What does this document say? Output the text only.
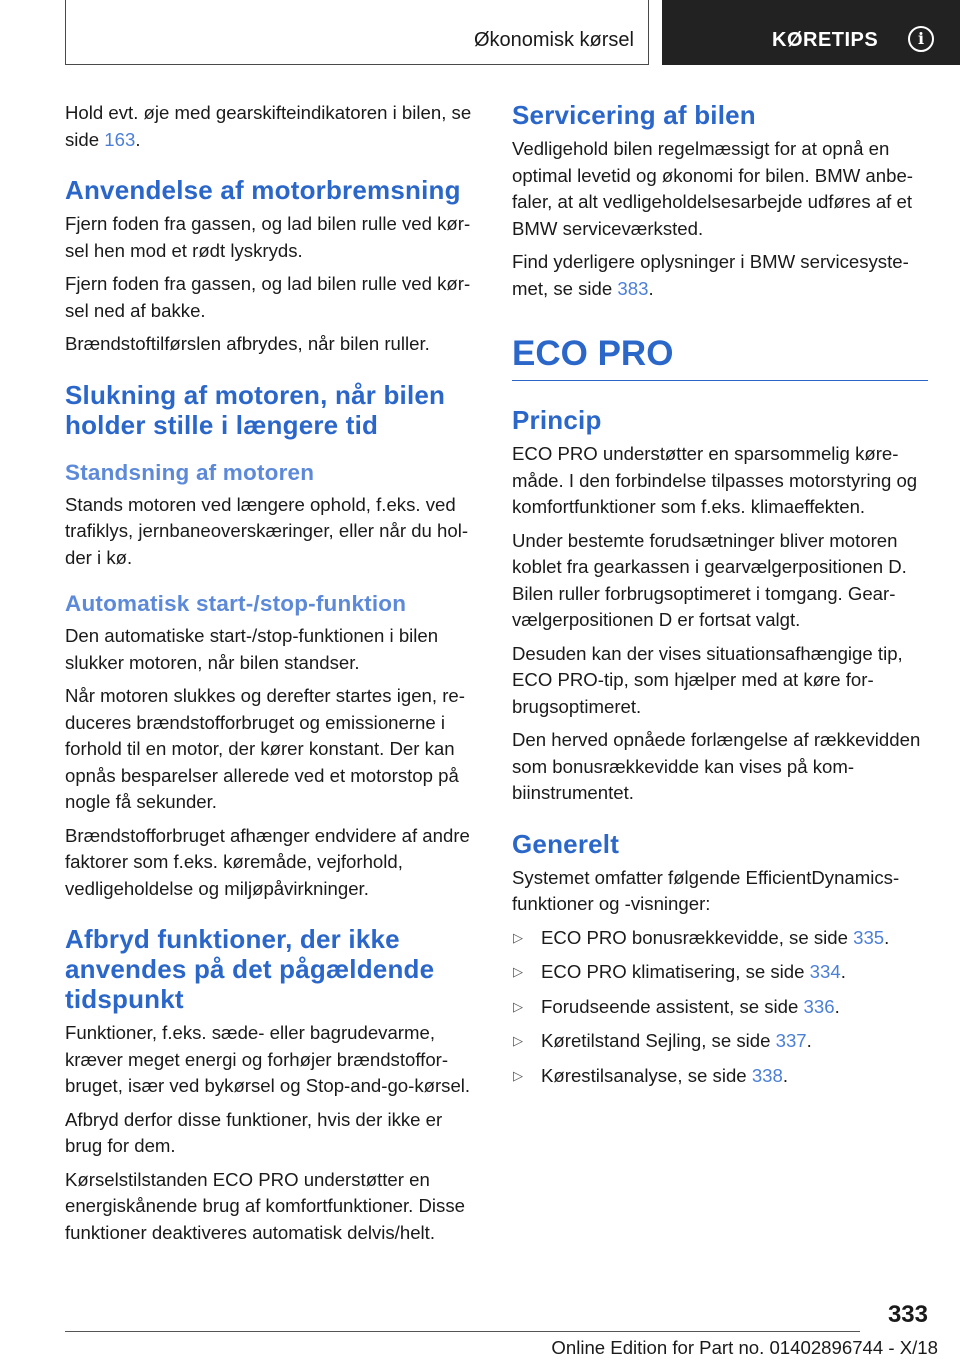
Økonomisk kørsel	KØRETIPS	i

Hold evt. øje med gearskifteindikatoren i bilen, se side 163.

Anvendelse af motorbremsning

Fjern foden fra gassen, og lad bilen rulle ved kørsel hen mod et rødt lyskryds.

Fjern foden fra gassen, og lad bilen rulle ved kørsel ned af bakke.

Brændstoftilførslen afbrydes, når bilen ruller.

Slukning af motoren, når bilen holder stille i længere tid
Standsning af motoren

Stands motoren ved længere ophold, f.eks. ved trafiklys, jernbaneoverskæringer, eller når du holder i kø.

Automatisk start-/stop-funktion

Den automatiske start-/stop-funktionen i bilen slukker motoren, når bilen standser.

Når motoren slukkes og derefter startes igen, reduceres brændstofforbruget og emissionerne i forhold til en motor, der kører konstant. Der kan opnås besparelser allerede ved et motorstop på nogle få sekunder.

Brændstofforbruget afhænger endvidere af andre faktorer som f.eks. køremåde, vejforhold, vedligeholdelse og miljøpåvirkninger.

Afbryd funktioner, der ikke anvendes på det pågældende tidspunkt

Funktioner, f.eks. sæde- eller bagrudevarme, kræver meget energi og forhøjer brændstofforbruget, især ved bykørsel og Stop-and-go-kørsel.

Afbryd derfor disse funktioner, hvis der ikke er brug for dem.

Kørselstilstanden ECO PRO understøtter en energiskånende brug af komfortfunktioner. Disse funktioner deaktiveres automatisk delvis/helt.

Servicering af bilen

Vedligehold bilen regelmæssigt for at opnå en optimal levetid og økonomi for bilen. BMW anbefaler, at alt vedligeholdelsesarbejde udføres af et BMW serviceværksted.

Find yderligere oplysninger i BMW servicesystemet, se side 383.

ECO PRO
Princip

ECO PRO understøtter en sparsommelig køremåde. I den forbindelse tilpasses motorstyring og komfortfunktioner som f.eks. klimaeffekten.

Under bestemte forudsætninger bliver motoren koblet fra gearkassen i gearvælgerpositionen D. Bilen ruller forbrugsoptimeret i tomgang. Gearvælgerpositionen D er fortsat valgt.

Desuden kan der vises situationsafhængige tip, ECO PRO-tip, som hjælper med at køre forbrugsoptimeret.

Den herved opnåede forlængelse af rækkevidden som bonusrækkevidde kan vises på kombiinstrumentet.

Generelt

Systemet omfatter følgende EfficientDynamics-funktioner og -visninger:

▷ ECO PRO bonusrækkevidde, se side 335.
▷ ECO PRO klimatisering, se side 334.
▷ Forudseende assistent, se side 336.
▷ Køretilstand Sejling, se side 337.
▷ Kørestilsanalyse, se side 338.
333
Online Edition for Part no. 01402896744 - X/18
